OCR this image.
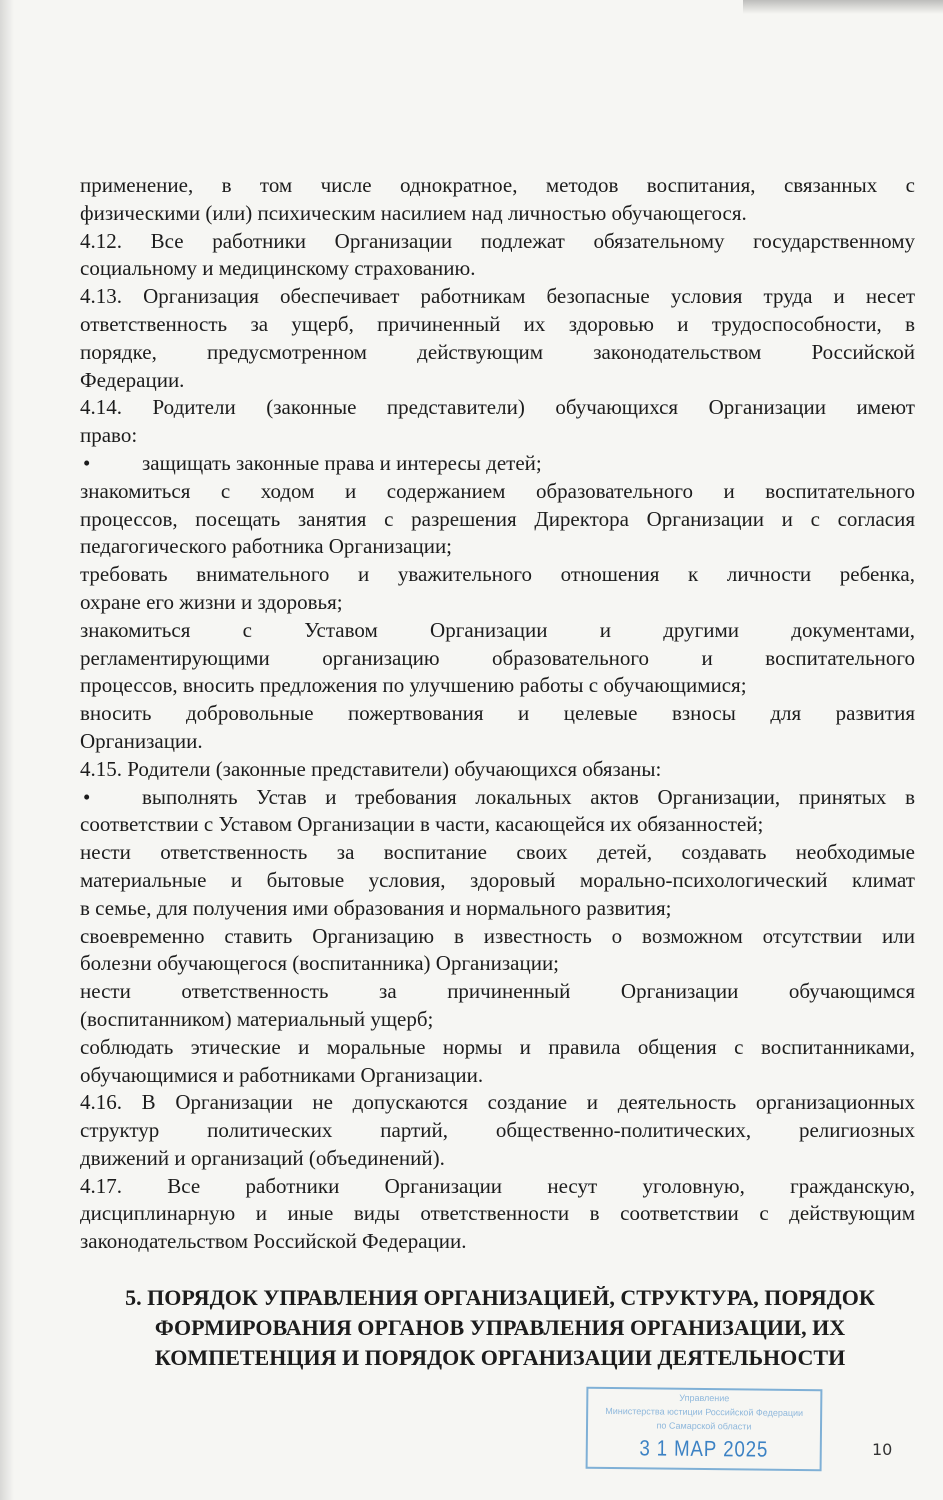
применение, в том числе однократное, методов воспитания, связанных с
физическими (или) психическим насилием над личностью обучающегося.
4.12. Все работники Организации подлежат обязательному государственному
социальному и медицинскому страхованию.
4.13. Организация обеспечивает работникам безопасные условия труда и несет
ответственность за ущерб, причиненный их здоровью и трудоспособности, в
порядке, предусмотренном действующим законодательством Российской
Федерации.
4.14. Родители (законные представители) обучающихся Организации имеют
право:
•	защищать законные права и интересы детей;
знакомиться с ходом и содержанием образовательного и воспитательного
процессов, посещать занятия с разрешения Директора Организации и с согласия
педагогического работника Организации;
требовать внимательного и уважительного отношения к личности ребенка,
охране его жизни и здоровья;
знакомиться с Уставом Организации и другими документами,
регламентирующими организацию образовательного и воспитательного
процессов, вносить предложения по улучшению работы с обучающимися;
вносить добровольные пожертвования и целевые взносы для развития
Организации.
4.15. Родители (законные представители) обучающихся обязаны:
•	выполнять Устав и требования локальных актов Организации, принятых в
соответствии с Уставом Организации в части, касающейся их обязанностей;
нести ответственность за воспитание своих детей, создавать необходимые
материальные и бытовые условия, здоровый морально-психологический климат
в семье, для получения ими образования и нормального развития;
своевременно ставить Организацию в известность о возможном отсутствии или
болезни обучающегося (воспитанника) Организации;
нести ответственность за причиненный Организации обучающимся
(воспитанником) материальный ущерб;
соблюдать этические и моральные нормы и правила общения с воспитанниками,
обучающимися и работниками Организации.
4.16. В Организации не допускаются создание и деятельность организационных
структур политических партий, общественно-политических, религиозных
движений и организаций (объединений).
4.17. Все работники Организации несут уголовную, гражданскую,
дисциплинарную и иные виды ответственности в соответствии с действующим
законодательством Российской Федерации.
5. ПОРЯДОК УПРАВЛЕНИЯ ОРГАНИЗАЦИЕЙ, СТРУКТУРА, ПОРЯДОК
ФОРМИРОВАНИЯ ОРГАНОВ УПРАВЛЕНИЯ ОРГАНИЗАЦИИ, ИХ
КОМПЕТЕНЦИЯ И ПОРЯДОК ОРГАНИЗАЦИИ ДЕЯТЕЛЬНОСТИ
Управление
Министерства юстиции Российской Федерации
по Самарской области
3 1 МАР 2025	10
